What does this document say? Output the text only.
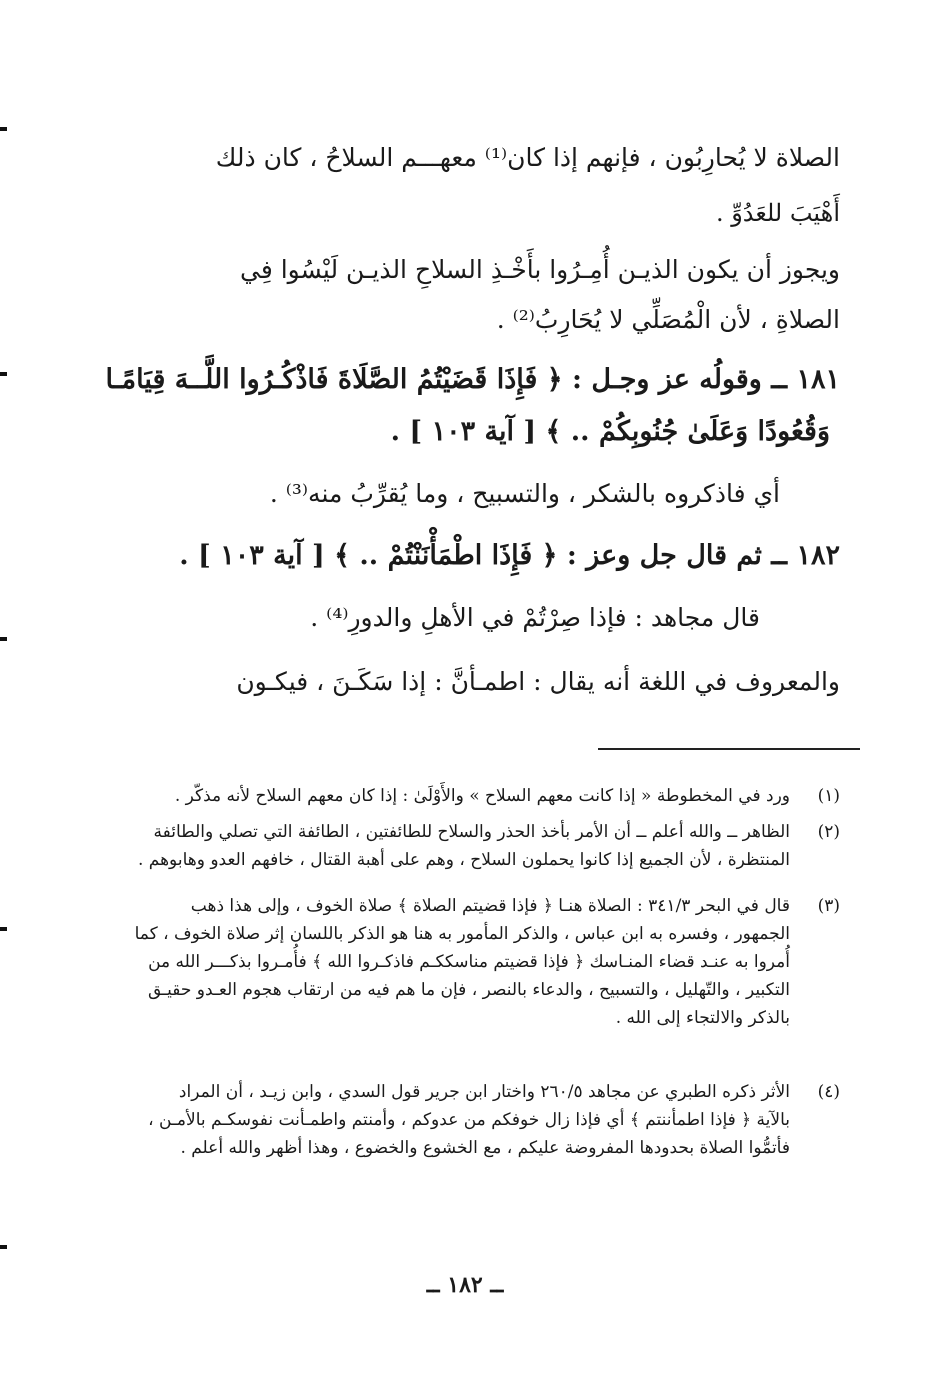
الصلاة لا يُحارِبُون ، فإنهم إذا كان⁽¹⁾ معهـــم السلاحُ ، كان ذلك
أَهْيَبَ للعَدُوِّ .
ويجوز أن يكون الذيـن أُمِـرُوا بأَخْـذِ السلاحِ الذيـن لَيْسُوا فِي
الصلاةِ ، لأن الْمُصَلِّي لا يُحَارِبُ⁽²⁾ .
١٨١ ــ وقولُه عز وجـل : ﴿ فَإِذَا قَضَيْتُمُ الصَّلَاةَ فَاذْكُـرُوا اللَّــهَ قِيَامًـا
وَقُعُودًا وَعَلَىٰ جُنُوبِكُمْ .. ﴾ [ آية ١٠٣ ] .
أي فاذكروه بالشكر ، والتسبيح ، وما يُقرِّبُ منه⁽³⁾ .
١٨٢ ــ ثم قال جل وعز : ﴿ فَإِذَا اطْمَأْنَنْتُمْ .. ﴾ [ آية ١٠٣ ] .
قال مجاهد : فإذا صِرْتُمْ في الأهلِ والدورِ⁽⁴⁾ .
والمعروف في اللغة أنه يقال : اطمـأنَّ : إذا سَكَـنَ ، فيكـون
(١)
ورد في المخطوطة « إذا كانت معهم السلاح » والأَوْلَىٰ : إذا كان معهم السلاح لأنه مذكّر .
(٢)
الظاهر ــ والله أعلم ــ أن الأمر بأخذ الحذر والسلاح للطائفتين ، الطائفة التي تصلي والطائفة
المنتظرة ، لأن الجميع إذا كانوا يحملون السلاح ، وهم على أهبة القتال ، خافهم العدو وهابوهم .
(٣)
قال في البحر ٣٤١/٣ : الصلاة هنـا ﴿ فإذا قضيتم الصلاة ﴾ صلاة الخوف ، وإلى هذا ذهب
الجمهور ، وفسره به ابن عباس ، والذكر المأمور به هنا هو الذكر باللسان إثر صلاة الخوف ، كما
أُمروا به عنـد قضاء المنـاسك ﴿ فإذا قضيتم مناسككـم فاذكـروا الله ﴾ فأُمـروا بذكـــر الله من
التكبير ، والتّهليل ، والتسبيح ، والدعاء بالنصر ، فإن ما هم فيه من ارتقاب هجوم العـدو حقيـق
بالذكر والالتجاء إلى الله .
(٤)
الأثر ذكره الطبري عن مجاهد ٢٦٠/٥ واختار ابن جرير قول السدي ، وابن زيـد ، أن المراد
بالآية ﴿ فإذا اطمأننتم ﴾ أي فإذا زال خوفكم من عدوكم ، وأمنتم واطمـأنت نفوسكـم بالأمـن ،
فأتمُّوا الصلاة بحدودها المفروضة عليكم ، مع الخشوع والخضوع ، وهذا أظهر والله أعلم .
ــ ١٨٢ ــ
